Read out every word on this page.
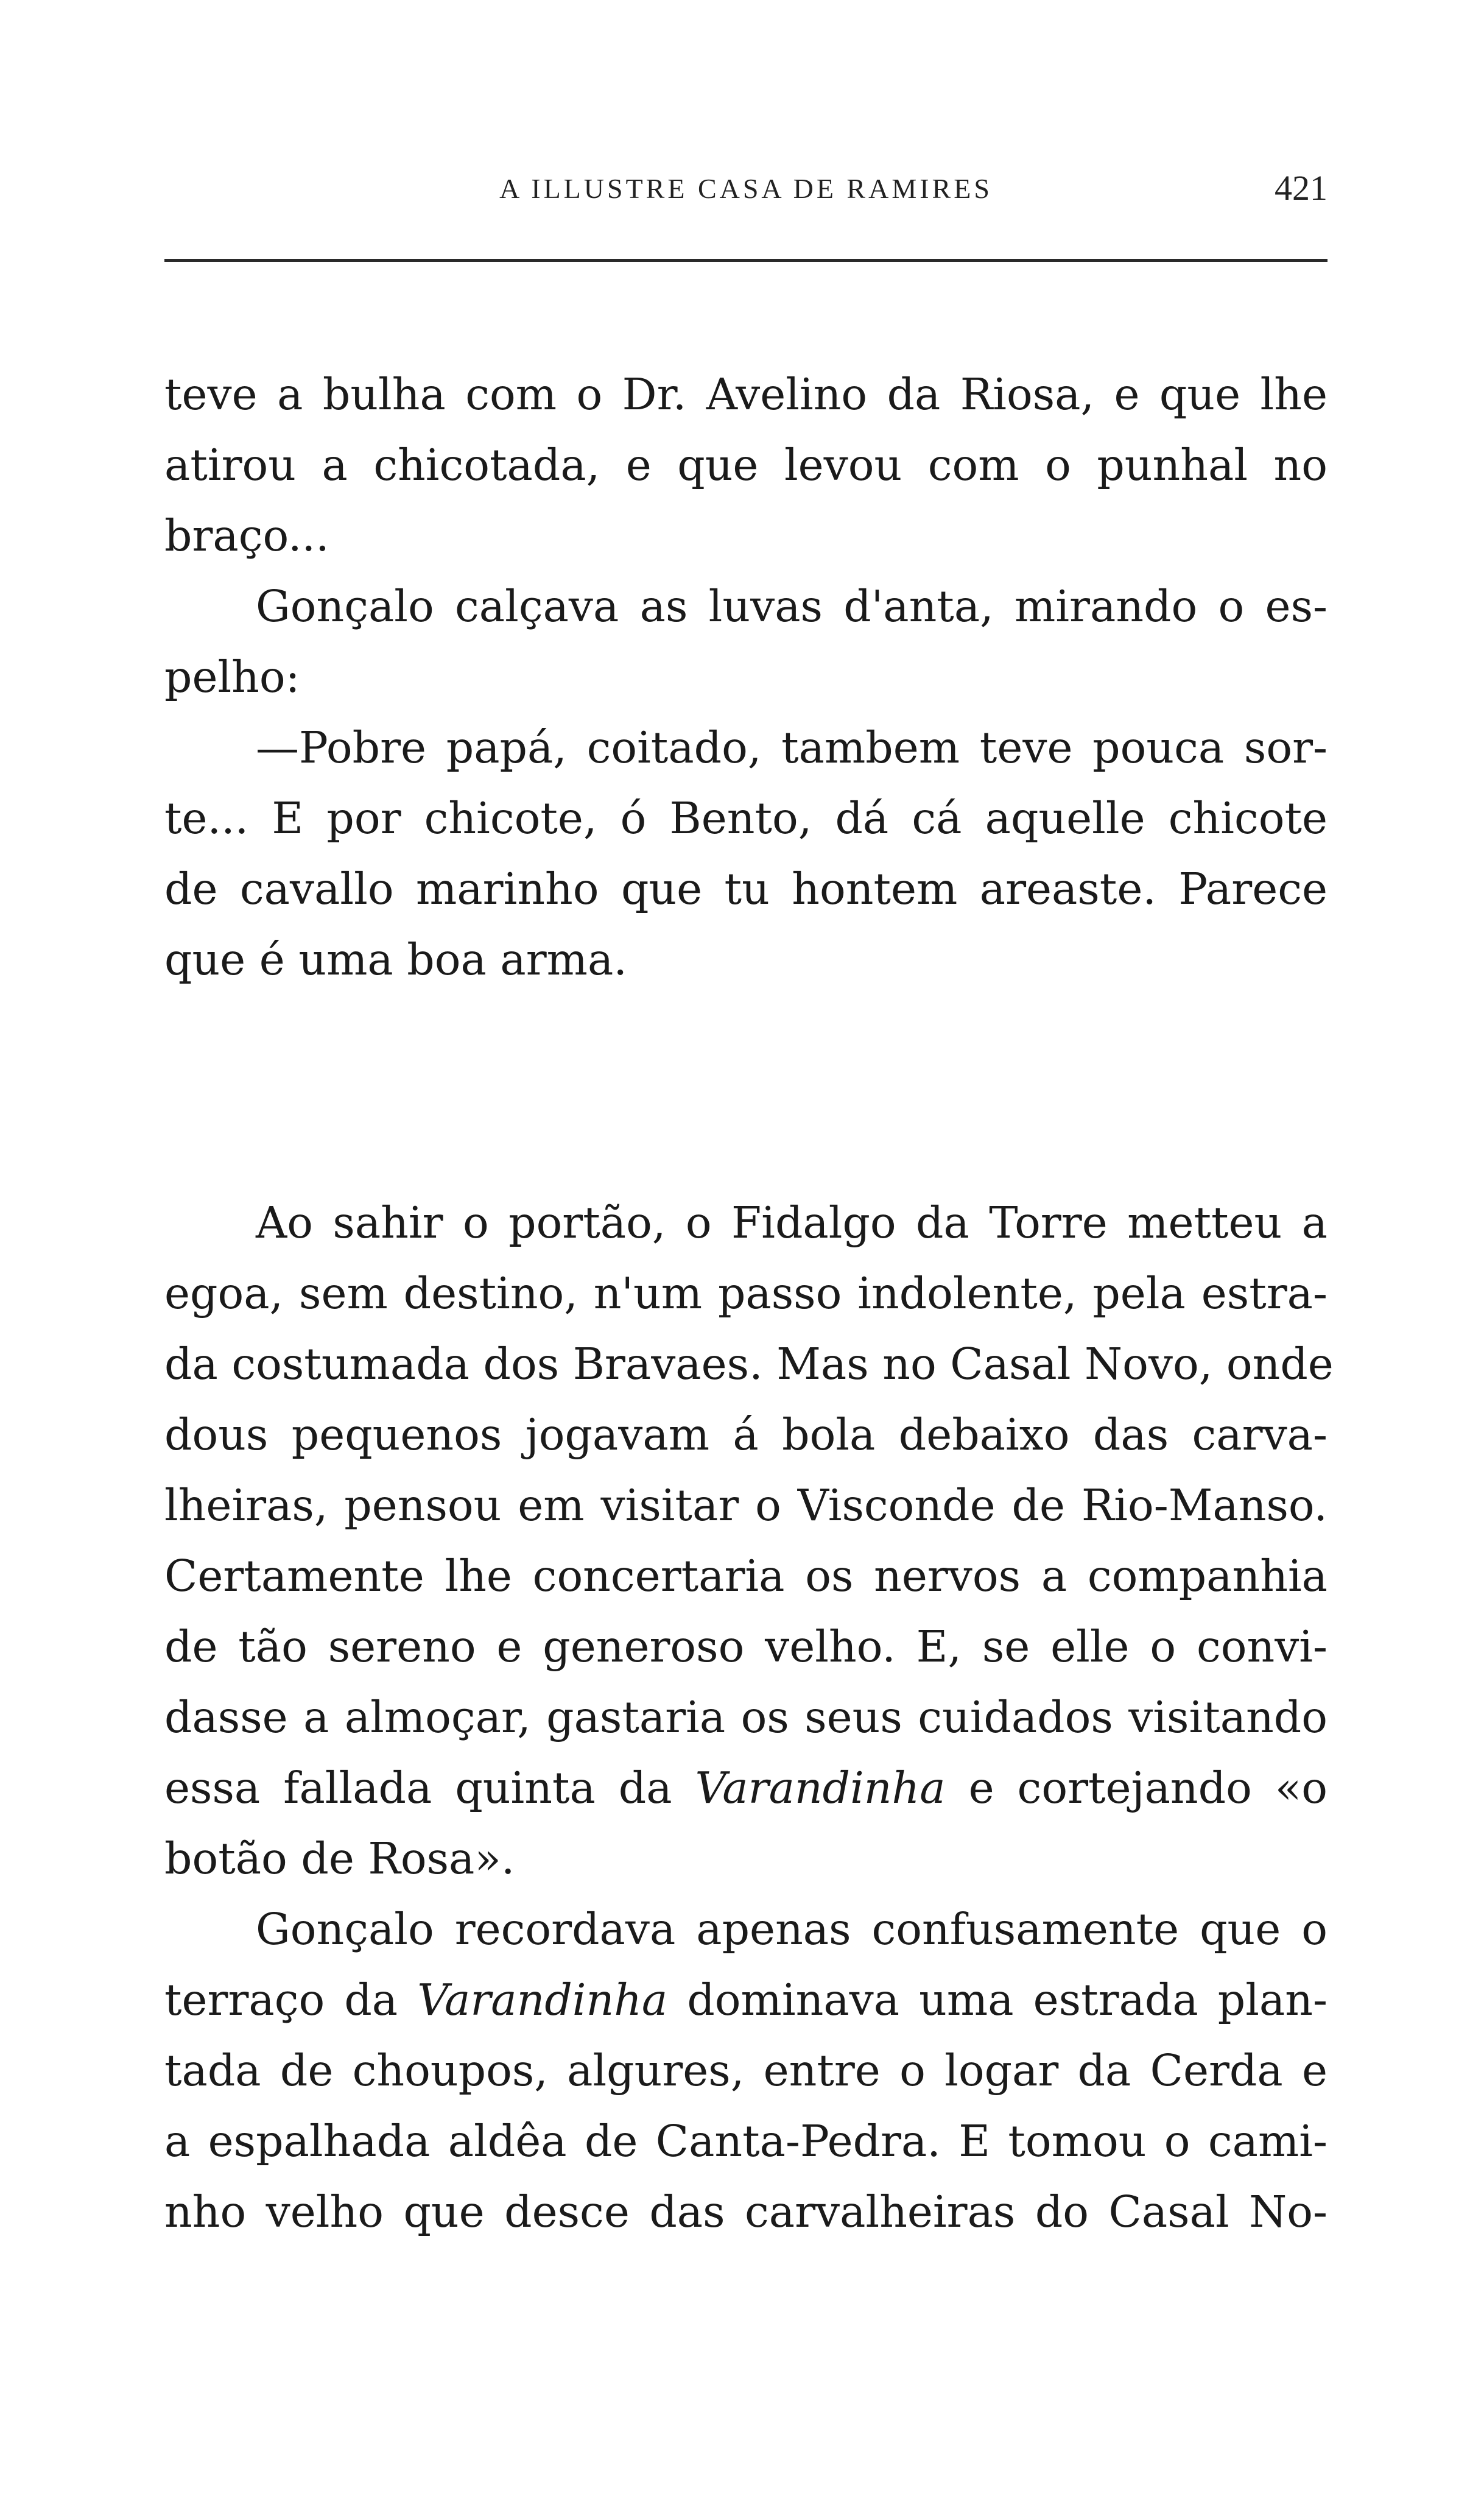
A ILLUSTRE CASA DE RAMIRES	421
teve a bulha com o Dr. Avelino da Riosa, e que lhe
atirou a chicotada, e que levou com o punhal no
braço...
Gonçalo calçava as luvas d'anta, mirando o es-
pelho:
—Pobre papá, coitado, tambem teve pouca sor-
te... E por chicote, ó Bento, dá cá aquelle chicote
de cavallo marinho que tu hontem areaste. Parece
que é uma boa arma.
Ao sahir o portão, o Fidalgo da Torre metteu a
egoa, sem destino, n'um passo indolente, pela estra-
da costumada dos Bravaes. Mas no Casal Novo, onde
dous pequenos jogavam á bola debaixo das carva-
lheiras, pensou em visitar o Visconde de Rio-Manso.
Certamente lhe concertaria os nervos a companhia
de tão sereno e generoso velho. E, se elle o convi-
dasse a almoçar, gastaria os seus cuidados visitando
essa fallada quinta da Varandinha e cortejando «o
botão de Rosa».
Gonçalo recordava apenas confusamente que o
terraço da Varandinha dominava uma estrada plan-
tada de choupos, algures, entre o logar da Cerda e
a espalhada aldêa de Canta-Pedra. E tomou o cami-
nho velho que desce das carvalheiras do Casal No-
